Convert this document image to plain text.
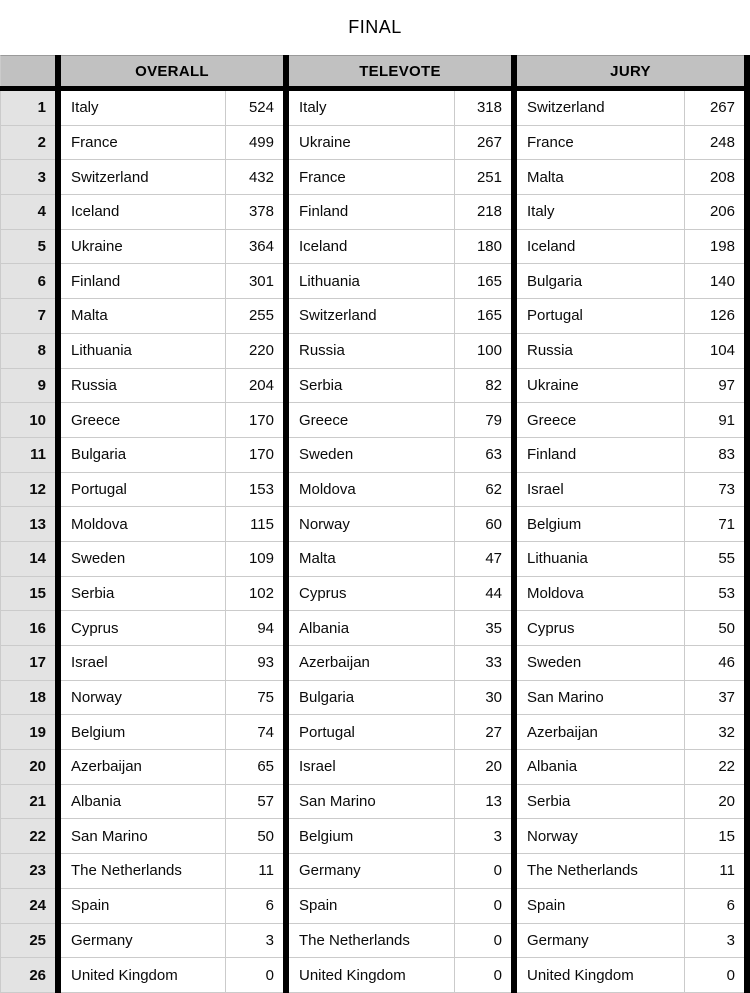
FINAL
OVERALL	TELEVOTE	JURY
1	Italy	524	Italy	318	Switzerland	267
2	France	499	Ukraine	267	France	248
3	Switzerland	432	France	251	Malta	208
4	Iceland	378	Finland	218	Italy	206
5	Ukraine	364	Iceland	180	Iceland	198
6	Finland	301	Lithuania	165	Bulgaria	140
7	Malta	255	Switzerland	165	Portugal	126
8	Lithuania	220	Russia	100	Russia	104
9	Russia	204	Serbia	82	Ukraine	97
10	Greece	170	Greece	79	Greece	91
11	Bulgaria	170	Sweden	63	Finland	83
12	Portugal	153	Moldova	62	Israel	73
13	Moldova	115	Norway	60	Belgium	71
14	Sweden	109	Malta	47	Lithuania	55
15	Serbia	102	Cyprus	44	Moldova	53
16	Cyprus	94	Albania	35	Cyprus	50
17	Israel	93	Azerbaijan	33	Sweden	46
18	Norway	75	Bulgaria	30	San Marino	37
19	Belgium	74	Portugal	27	Azerbaijan	32
20	Azerbaijan	65	Israel	20	Albania	22
21	Albania	57	San Marino	13	Serbia	20
22	San Marino	50	Belgium	3	Norway	15
23	The Netherlands	11	Germany	0	The Netherlands	11
24	Spain	6	Spain	0	Spain	6
25	Germany	3	The Netherlands	0	Germany	3
26	United Kingdom	0	United Kingdom	0	United Kingdom	0
